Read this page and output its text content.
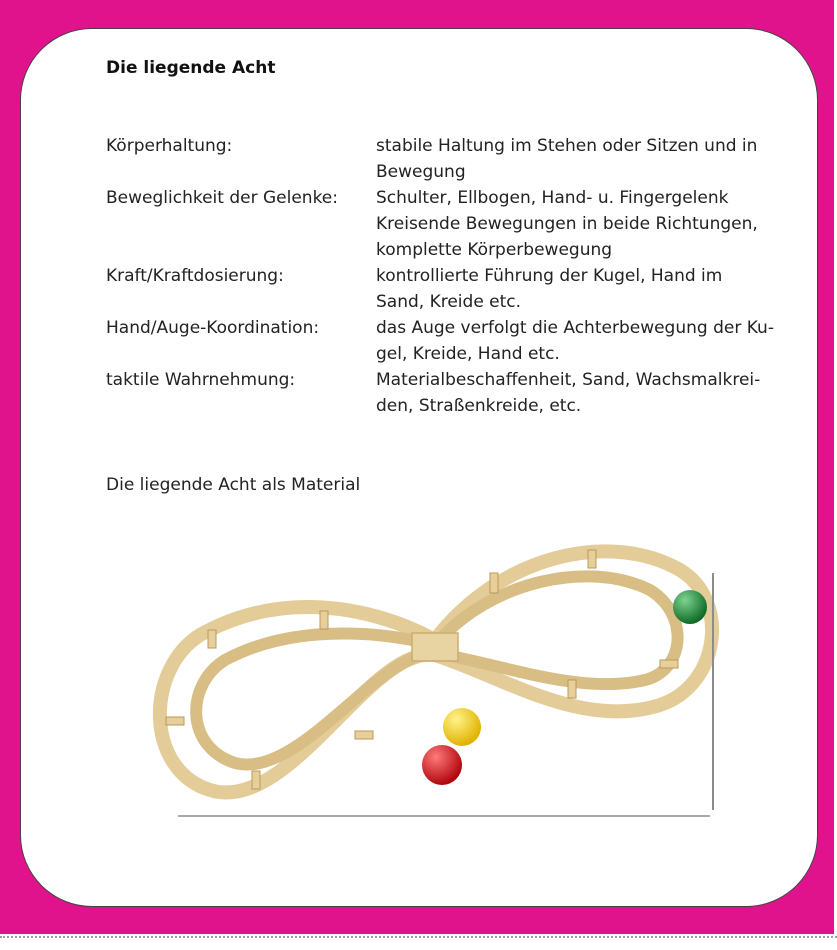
Die liegende Acht
Körperhaltung:	stabile Haltung im Stehen oder Sitzen und in
Bewegung
Beweglichkeit der Gelenke: Schulter, Ellbogen, Hand- u. Fingergelenk
Kreisende Bewegungen in beide Richtungen,
komplette Körperbewegung
Kraft/Kraftdosierung:	kontrollierte Führung der Kugel, Hand im
Sand, Kreide etc.
Hand/Auge-Koordination:	das Auge verfolgt die Achterbewegung der Ku-
gel, Kreide, Hand etc.
taktile Wahrnehmung:	Materialbeschaffenheit, Sand, Wachsmalkrei-
den, Straßenkreide, etc.
Die liegende Acht als Material
